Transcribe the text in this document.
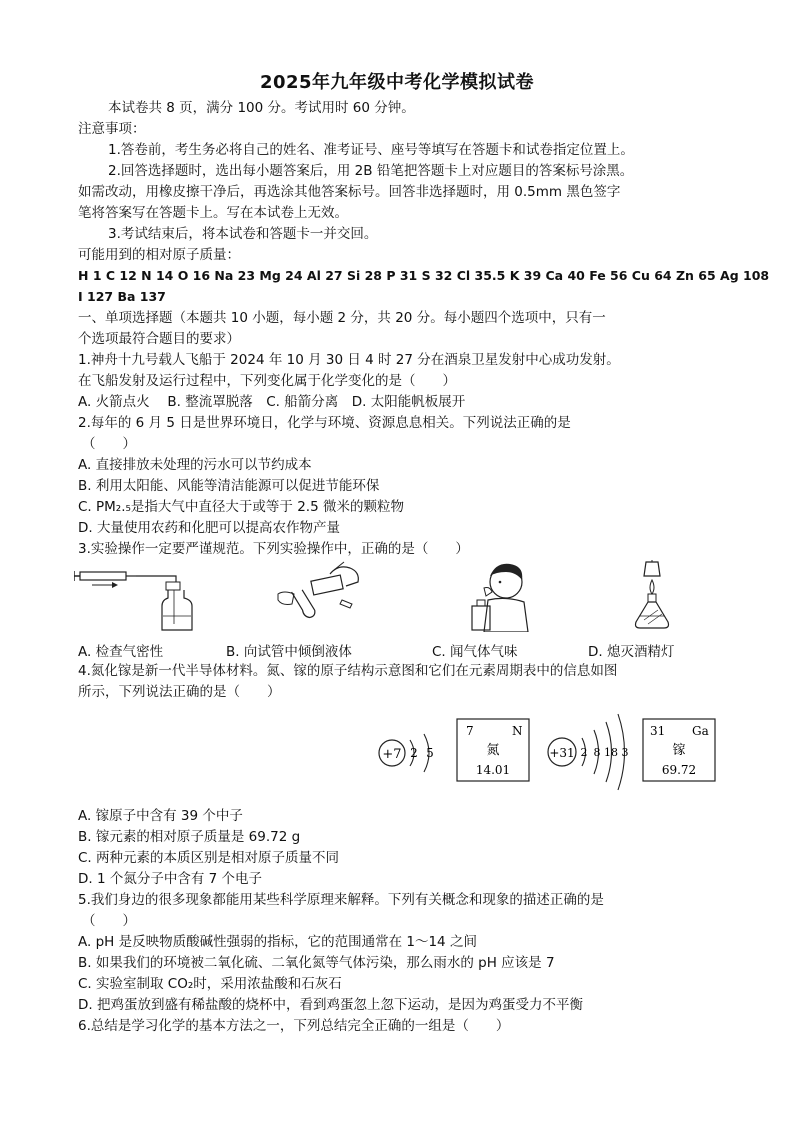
2025年九年级中考化学模拟试卷
本试卷共 8 页，满分 100 分。考试用时 60 分钟。
注意事项：
1.答卷前，考生务必将自己的姓名、准考证号、座号等填写在答题卡和试卷指定位置上。
2.回答选择题时，选出每小题答案后，用 2B 铅笔把答题卡上对应题目的答案标号涂黑。
如需改动，用橡皮擦干净后，再选涂其他答案标号。回答非选择题时，用 0.5mm 黑色签字
笔将答案写在答题卡上。写在本试卷上无效。
3.考试结束后，将本试卷和答题卡一并交回。
可能用到的相对原子质量：
H 1 C 12 N 14 O 16 Na 23 Mg 24 Al 27 Si 28 P 31 S 32 Cl 35.5 K 39 Ca 40 Fe 56 Cu 64 Zn 65 Ag 108
I 127 Ba 137
一、单项选择题（本题共 10 小题，每小题 2 分，共 20 分。每小题四个选项中，只有一
个选项最符合题目的要求）
1.神舟十九号载人飞船于 2024 年 10 月 30 日 4 时 27 分在酒泉卫星发射中心成功发射。
在飞船发射及运行过程中，下列变化属于化学变化的是（　　）
A. 火箭点火　 B. 整流罩脱落　C. 船箭分离　D. 太阳能帆板展开
2.每年的 6 月 5 日是世界环境日，化学与环境、资源息息相关。下列说法正确的是
（　　）
A. 直接排放未处理的污水可以节约成本
B. 利用太阳能、风能等清洁能源可以促进节能环保
C. PM₂.₅是指大气中直径大于或等于 2.5 微米的颗粒物
D. 大量使用农药和化肥可以提高农作物产量
3.实验操作一定要严谨规范。下列实验操作中，正确的是（　　）
A. 检查气密性	B. 向试管中倾倒液体	C. 闻气体气味	D. 熄灭酒精灯
4.氮化镓是新一代半导体材料。氮、镓的原子结构示意图和它们在元素周期表中的信息如图
所示，下列说法正确的是（　　）
+7 2 5
7	N
氮
14.01
+31 2 8 18 3
31 Ga
镓
69.72
A. 镓原子中含有 39 个中子
B. 镓元素的相对原子质量是 69.72 g
C. 两种元素的本质区别是相对原子质量不同
D. 1 个氮分子中含有 7 个电子
5.我们身边的很多现象都能用某些科学原理来解释。下列有关概念和现象的描述正确的是
（　　）
A. pH 是反映物质酸碱性强弱的指标，它的范围通常在 1～14 之间
B. 如果我们的环境被二氧化硫、二氧化氮等气体污染，那么雨水的 pH 应该是 7
C. 实验室制取 CO₂时，采用浓盐酸和石灰石
D. 把鸡蛋放到盛有稀盐酸的烧杯中，看到鸡蛋忽上忽下运动，是因为鸡蛋受力不平衡
6.总结是学习化学的基本方法之一，下列总结完全正确的一组是（　　）
